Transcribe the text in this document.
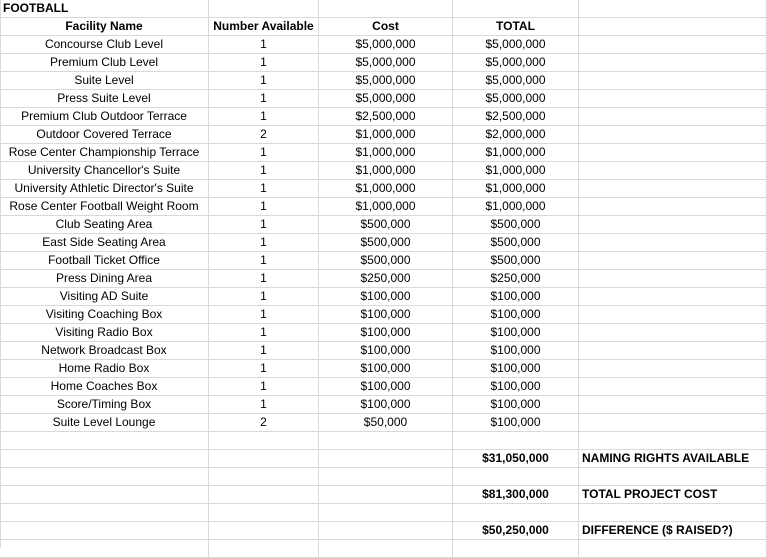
FOOTBALL
Facility Name	Number Available	Cost	TOTAL
Concourse Club Level	1	$5,000,000	$5,000,000
Premium Club Level	1	$5,000,000	$5,000,000
Suite Level	1	$5,000,000	$5,000,000
Press Suite Level	1	$5,000,000	$5,000,000
Premium Club Outdoor Terrace	1	$2,500,000	$2,500,000
Outdoor Covered Terrace	2	$1,000,000	$2,000,000
Rose Center Championship Terrace	1	$1,000,000	$1,000,000
University Chancellor's Suite	1	$1,000,000	$1,000,000
University Athletic Director's Suite	1	$1,000,000	$1,000,000
Rose Center Football Weight Room	1	$1,000,000	$1,000,000
Club Seating Area	1	$500,000	$500,000
East Side Seating Area	1	$500,000	$500,000
Football Ticket Office	1	$500,000	$500,000
Press Dining Area	1	$250,000	$250,000
Visiting AD Suite	1	$100,000	$100,000
Visiting Coaching Box	1	$100,000	$100,000
Visiting Radio Box	1	$100,000	$100,000
Network Broadcast Box	1	$100,000	$100,000
Home Radio Box	1	$100,000	$100,000
Home Coaches Box	1	$100,000	$100,000
Score/Timing Box	1	$100,000	$100,000
Suite Level Lounge	2	$50,000	$100,000
$31,050,000	NAMING RIGHTS AVAILABLE
$81,300,000	TOTAL PROJECT COST
$50,250,000	DIFFERENCE ($ RAISED?)
